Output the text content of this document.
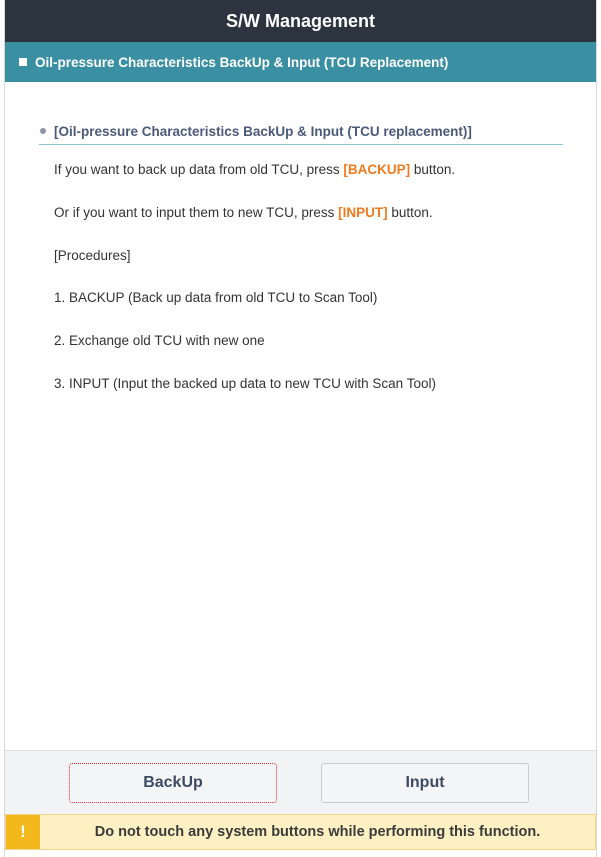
S/W Management
Oil-pressure Characteristics BackUp & Input (TCU Replacement)
[Oil-pressure Characteristics BackUp & Input (TCU replacement)]
If you want to back up data from old TCU, press [BACKUP] button.
Or if you want to input them to new TCU, press [INPUT] button.
[Procedures]
1. BACKUP (Back up data from old TCU to Scan Tool)
2. Exchange old TCU with new one
3. INPUT (Input the backed up data to new TCU with Scan Tool)
BackUp	Input
!	Do not touch any system buttons while performing this function.
